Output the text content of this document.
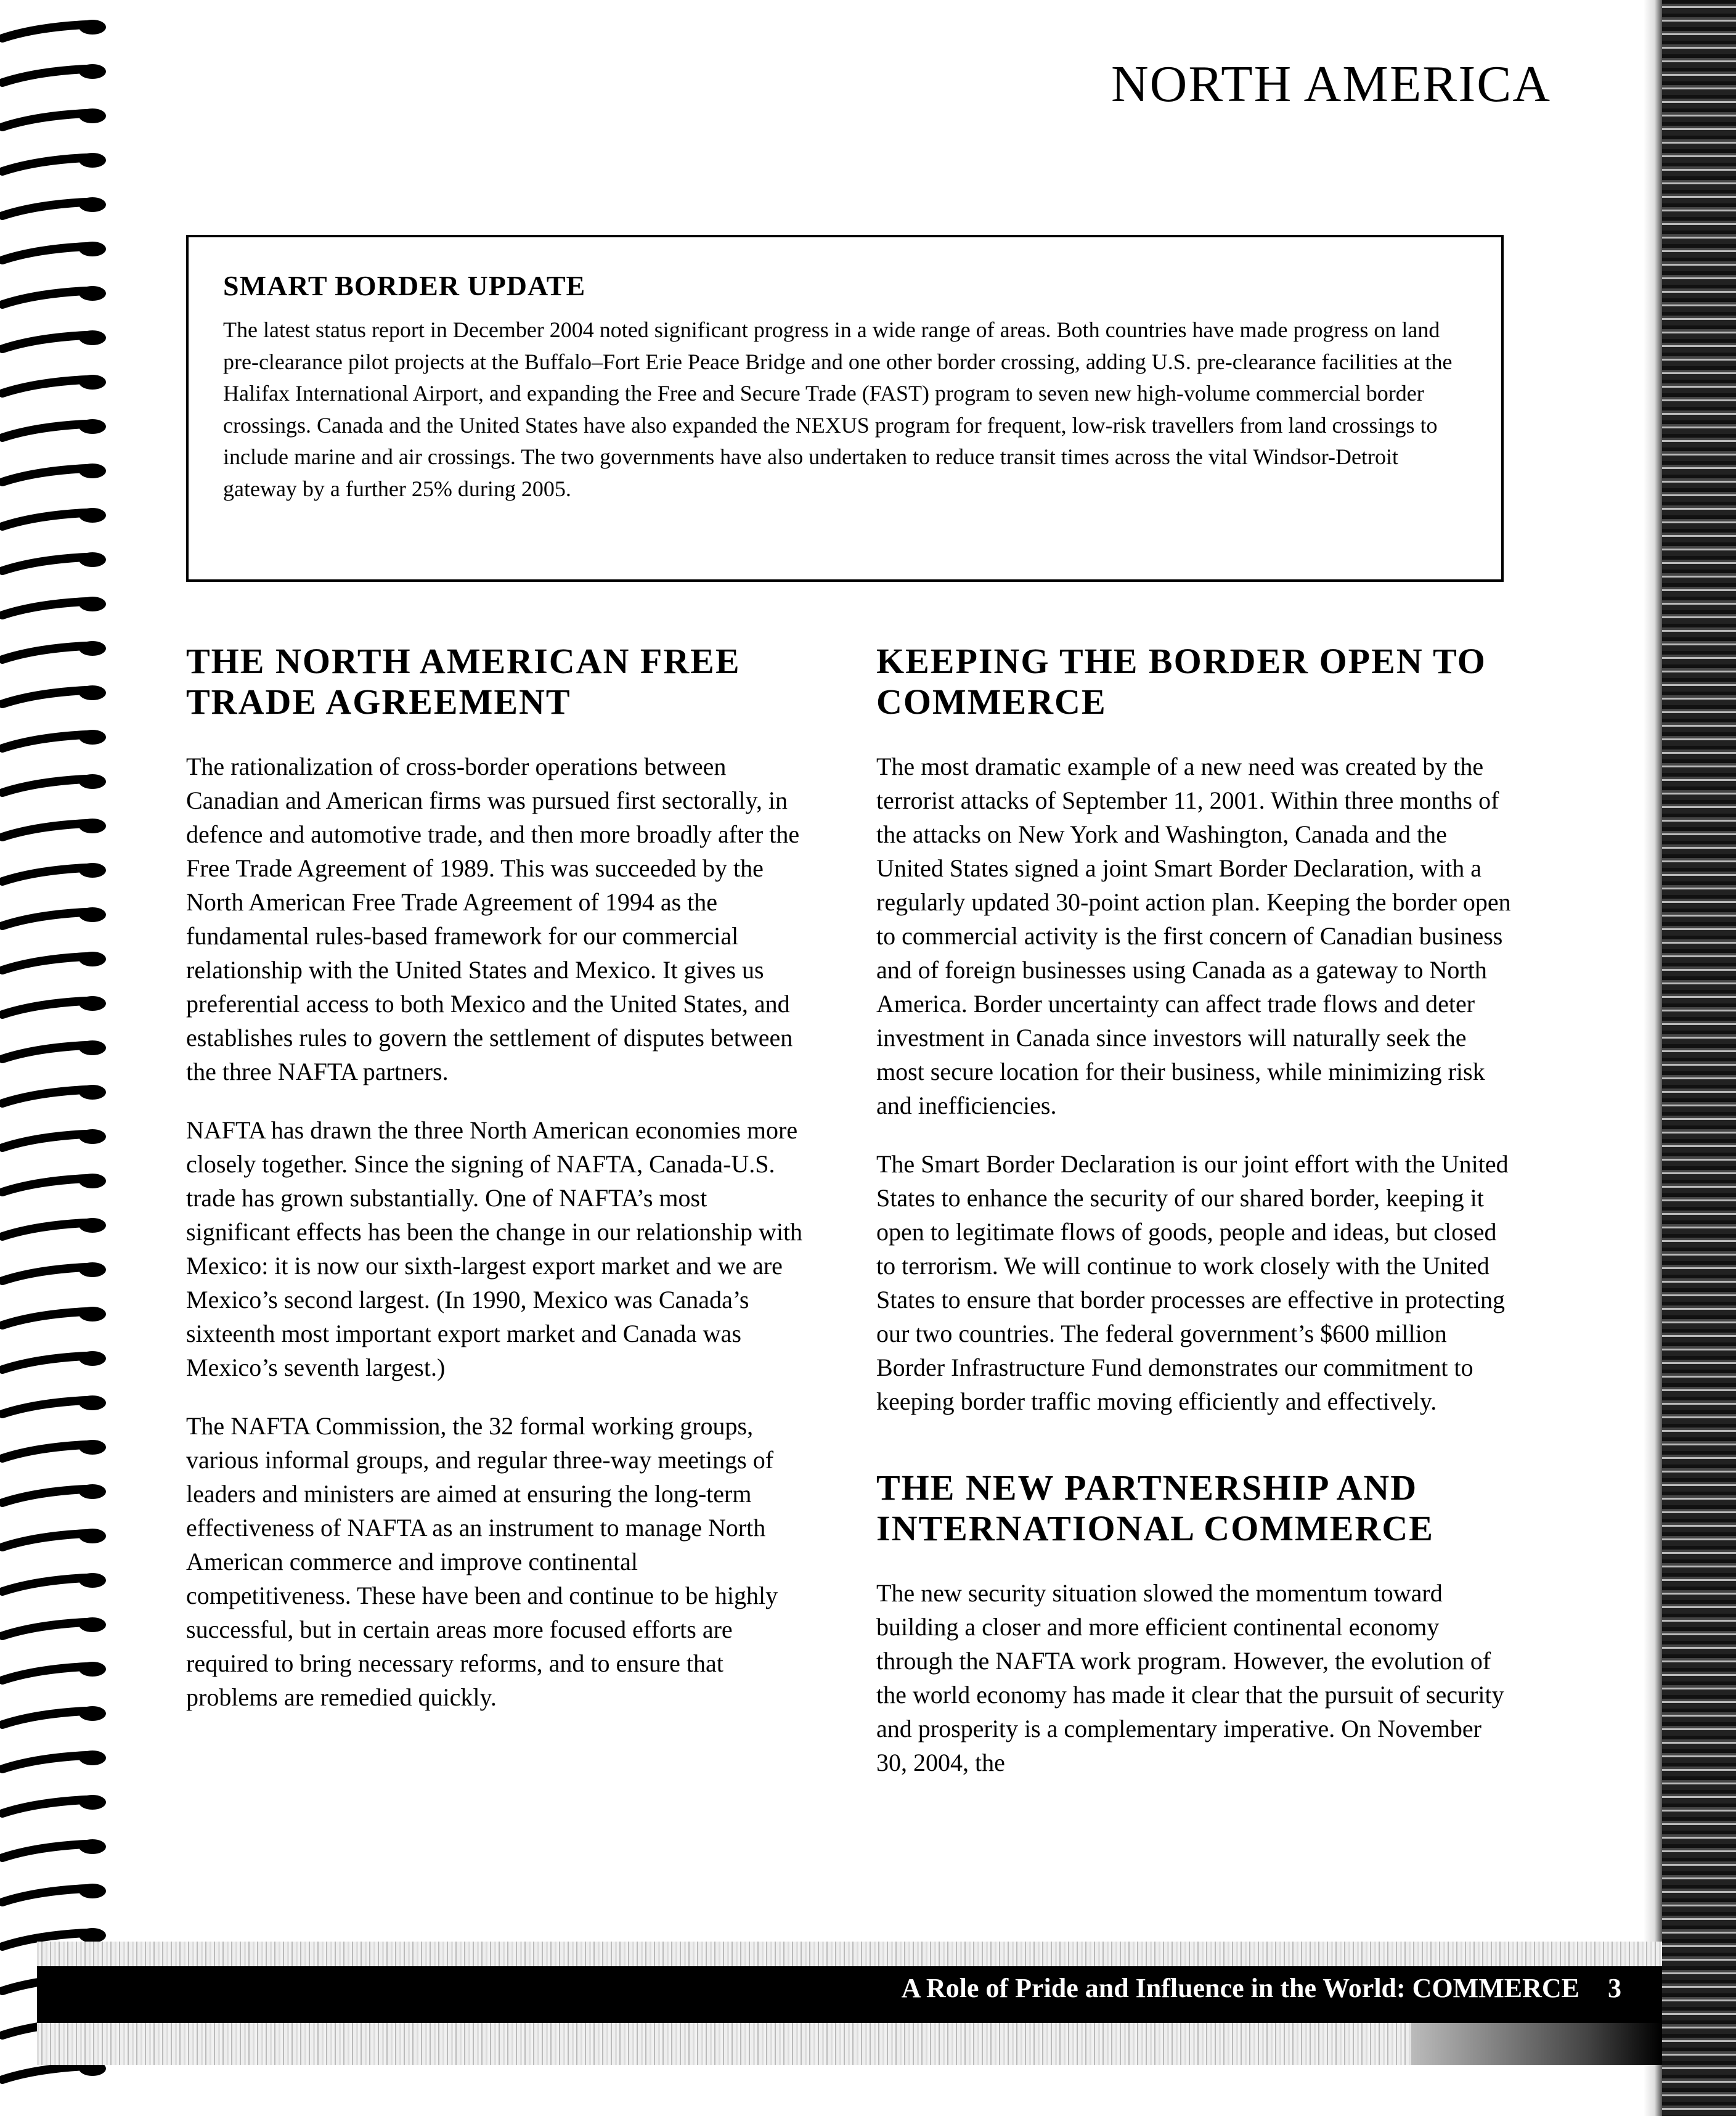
NORTH AMERICA
SMART BORDER UPDATE

The latest status report in December 2004 noted significant progress in a wide range of areas. Both countries have made progress on land pre-clearance pilot projects at the Buffalo–Fort Erie Peace Bridge and one other border crossing, adding U.S. pre-clearance facilities at the Halifax International Airport, and expanding the Free and Secure Trade (FAST) program to seven new high-volume commercial border crossings. Canada and the United States have also expanded the NEXUS program for frequent, low-risk travellers from land crossings to include marine and air crossings. The two governments have also undertaken to reduce transit times across the vital Windsor-Detroit gateway by a further 25% during 2005.

THE NORTH AMERICAN FREE TRADE AGREEMENT

The rationalization of cross-border operations between Canadian and American firms was pursued first sectorally, in defence and automotive trade, and then more broadly after the Free Trade Agreement of 1989. This was succeeded by the North American Free Trade Agreement of 1994 as the fundamental rules-based framework for our commercial relationship with the United States and Mexico. It gives us preferential access to both Mexico and the United States, and establishes rules to govern the settlement of disputes between the three NAFTA partners.

NAFTA has drawn the three North American economies more closely together. Since the signing of NAFTA, Canada-U.S. trade has grown substantially. One of NAFTA’s most significant effects has been the change in our relationship with Mexico: it is now our sixth-largest export market and we are Mexico’s second largest. (In 1990, Mexico was Canada’s sixteenth most important export market and Canada was Mexico’s seventh largest.)

The NAFTA Commission, the 32 formal working groups, various informal groups, and regular three-way meetings of leaders and ministers are aimed at ensuring the long-term effectiveness of NAFTA as an instrument to manage North American commerce and improve continental competitiveness. These have been and continue to be highly successful, but in certain areas more focused efforts are required to bring necessary reforms, and to ensure that problems are remedied quickly.

KEEPING THE BORDER OPEN TO COMMERCE

The most dramatic example of a new need was created by the terrorist attacks of September 11, 2001. Within three months of the attacks on New York and Washington, Canada and the United States signed a joint Smart Border Declaration, with a regularly updated 30-point action plan. Keeping the border open to commercial activity is the first concern of Canadian business and of foreign businesses using Canada as a gateway to North America. Border uncertainty can affect trade flows and deter investment in Canada since investors will naturally seek the most secure location for their business, while minimizing risk and inefficiencies.

The Smart Border Declaration is our joint effort with the United States to enhance the security of our shared border, keeping it open to legitimate flows of goods, people and ideas, but closed to terrorism. We will continue to work closely with the United States to ensure that border processes are effective in protecting our two countries. The federal government’s $600 million Border Infrastructure Fund demonstrates our commitment to keeping border traffic moving efficiently and effectively.

THE NEW PARTNERSHIP AND INTERNATIONAL COMMERCE

The new security situation slowed the momentum toward building a closer and more efficient continental economy through the NAFTA work program. However, the evolution of the world economy has made it clear that the pursuit of security and prosperity is a complementary imperative. On November 30, 2004, the

A Role of Pride and Influence in the World: COMMERCE 3
